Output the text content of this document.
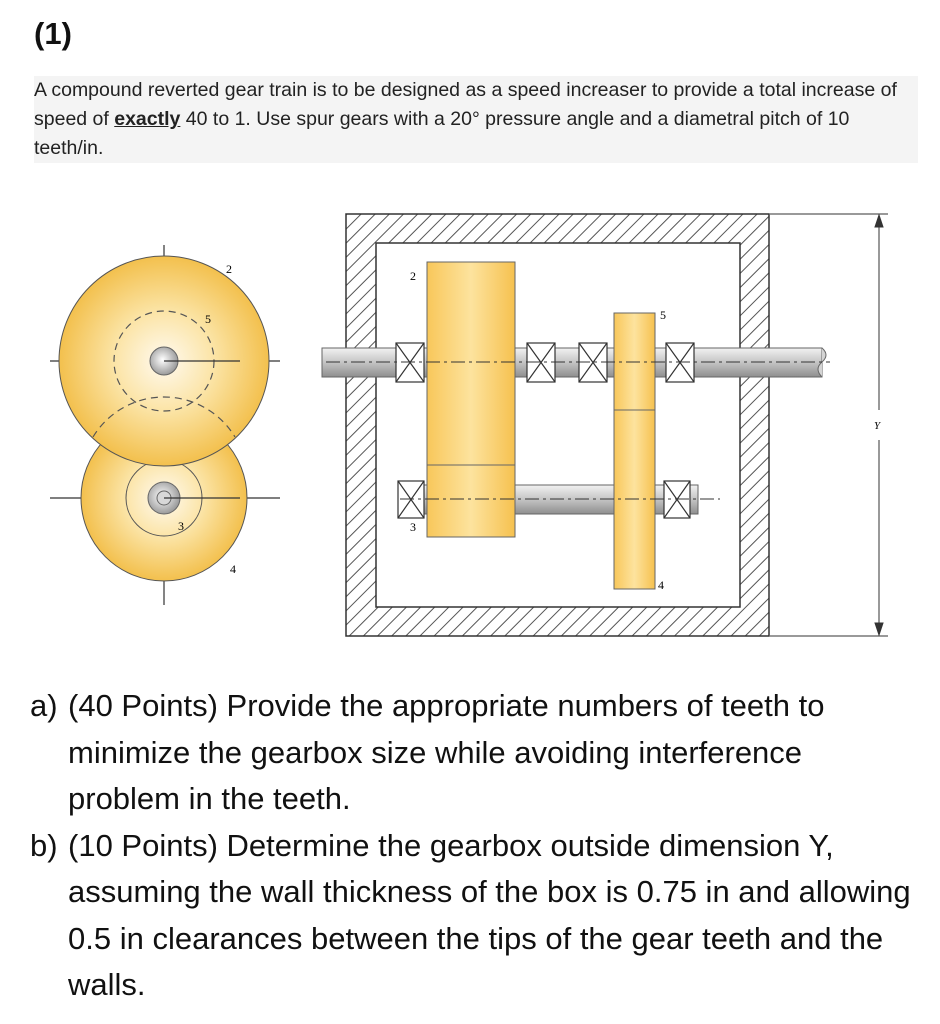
(1)

A compound reverted gear train is to be designed as a speed increaser to provide a total increase of speed of exactly 40 to 1. Use spur gears with a 20° pressure angle and a diametral pitch of 10 teeth/in.

2
5
3
4
2
3
5
4
Y
a) (40 Points) Provide the appropriate numbers of teeth to minimize the gearbox size while avoiding interference problem in the teeth.
b) (10 Points) Determine the gearbox outside dimension Y, assuming the wall thickness of the box is 0.75 in and allowing 0.5 in clearances between the tips of the gear teeth and the walls.
